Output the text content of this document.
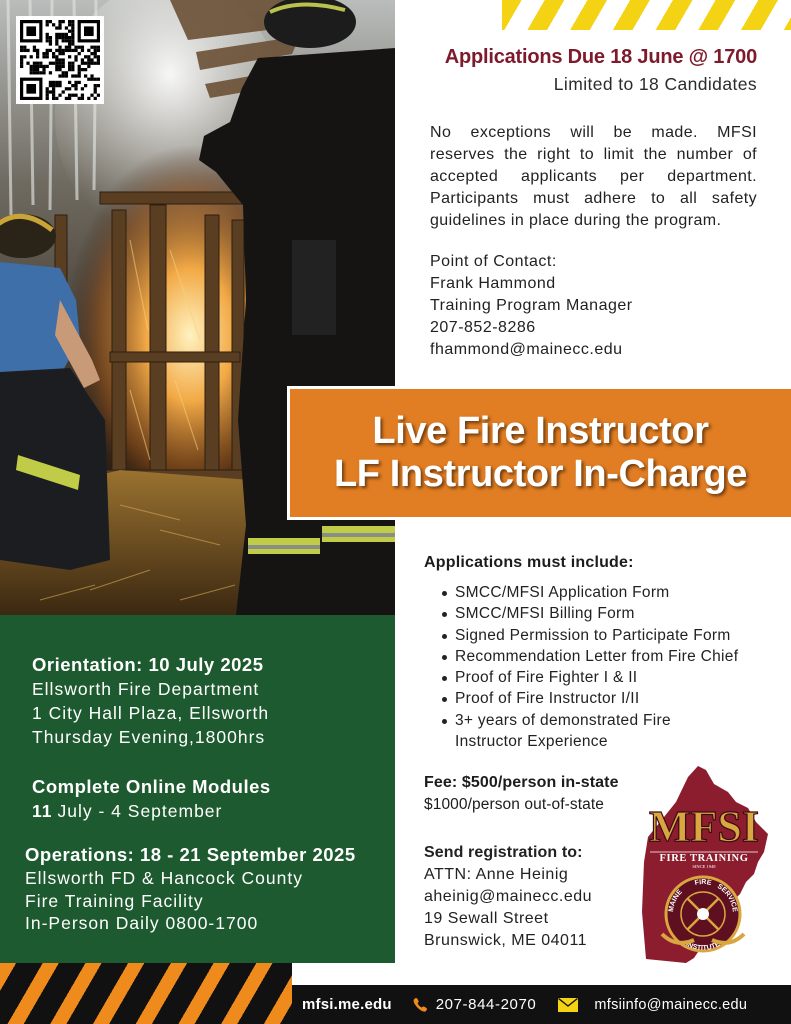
Applications Due 18 June @ 1700
Limited to 18 Candidates
No exceptions will be made. MFSI
reserves the right to limit the number of
accepted applicants per department.
Participants must adhere to all safety
guidelines in place during the program.
Point of Contact:
Frank Hammond
Training Program Manager
207-852-8286
fhammond@mainecc.edu
Live Fire Instructor
LF Instructor In-Charge
Orientation: 10 July 2025
Ellsworth Fire Department
1 City Hall Plaza, Ellsworth
Thursday Evening,1800hrs
Complete Online Modules
11 July - 4 September
Operations: 18 - 21 September 2025
Ellsworth FD & Hancock County
Fire Training Facility
In-Person Daily 0800-1700
Applications must include:
SMCC/MFSI Application Form
SMCC/MFSI Billing Form
Signed Permission to Participate Form
Recommendation Letter from Fire Chief
Proof of Fire Fighter I & II
Proof of Fire Instructor I/II
3+ years of demonstrated Fire Instructor Experience
Fee: $500/person in-state
$1000/person out-of-state
Send registration to:
ATTN: Anne Heinig
aheinig@mainecc.edu
19 Sewall Street
Brunswick, ME 04011
MFSI
FIRE TRAINING
SINCE 1948
MAINE
FIRE
SERVICE
INSTITUTE
mfsi.me.edu	207-844-2070	mfsiinfo@mainecc.edu
